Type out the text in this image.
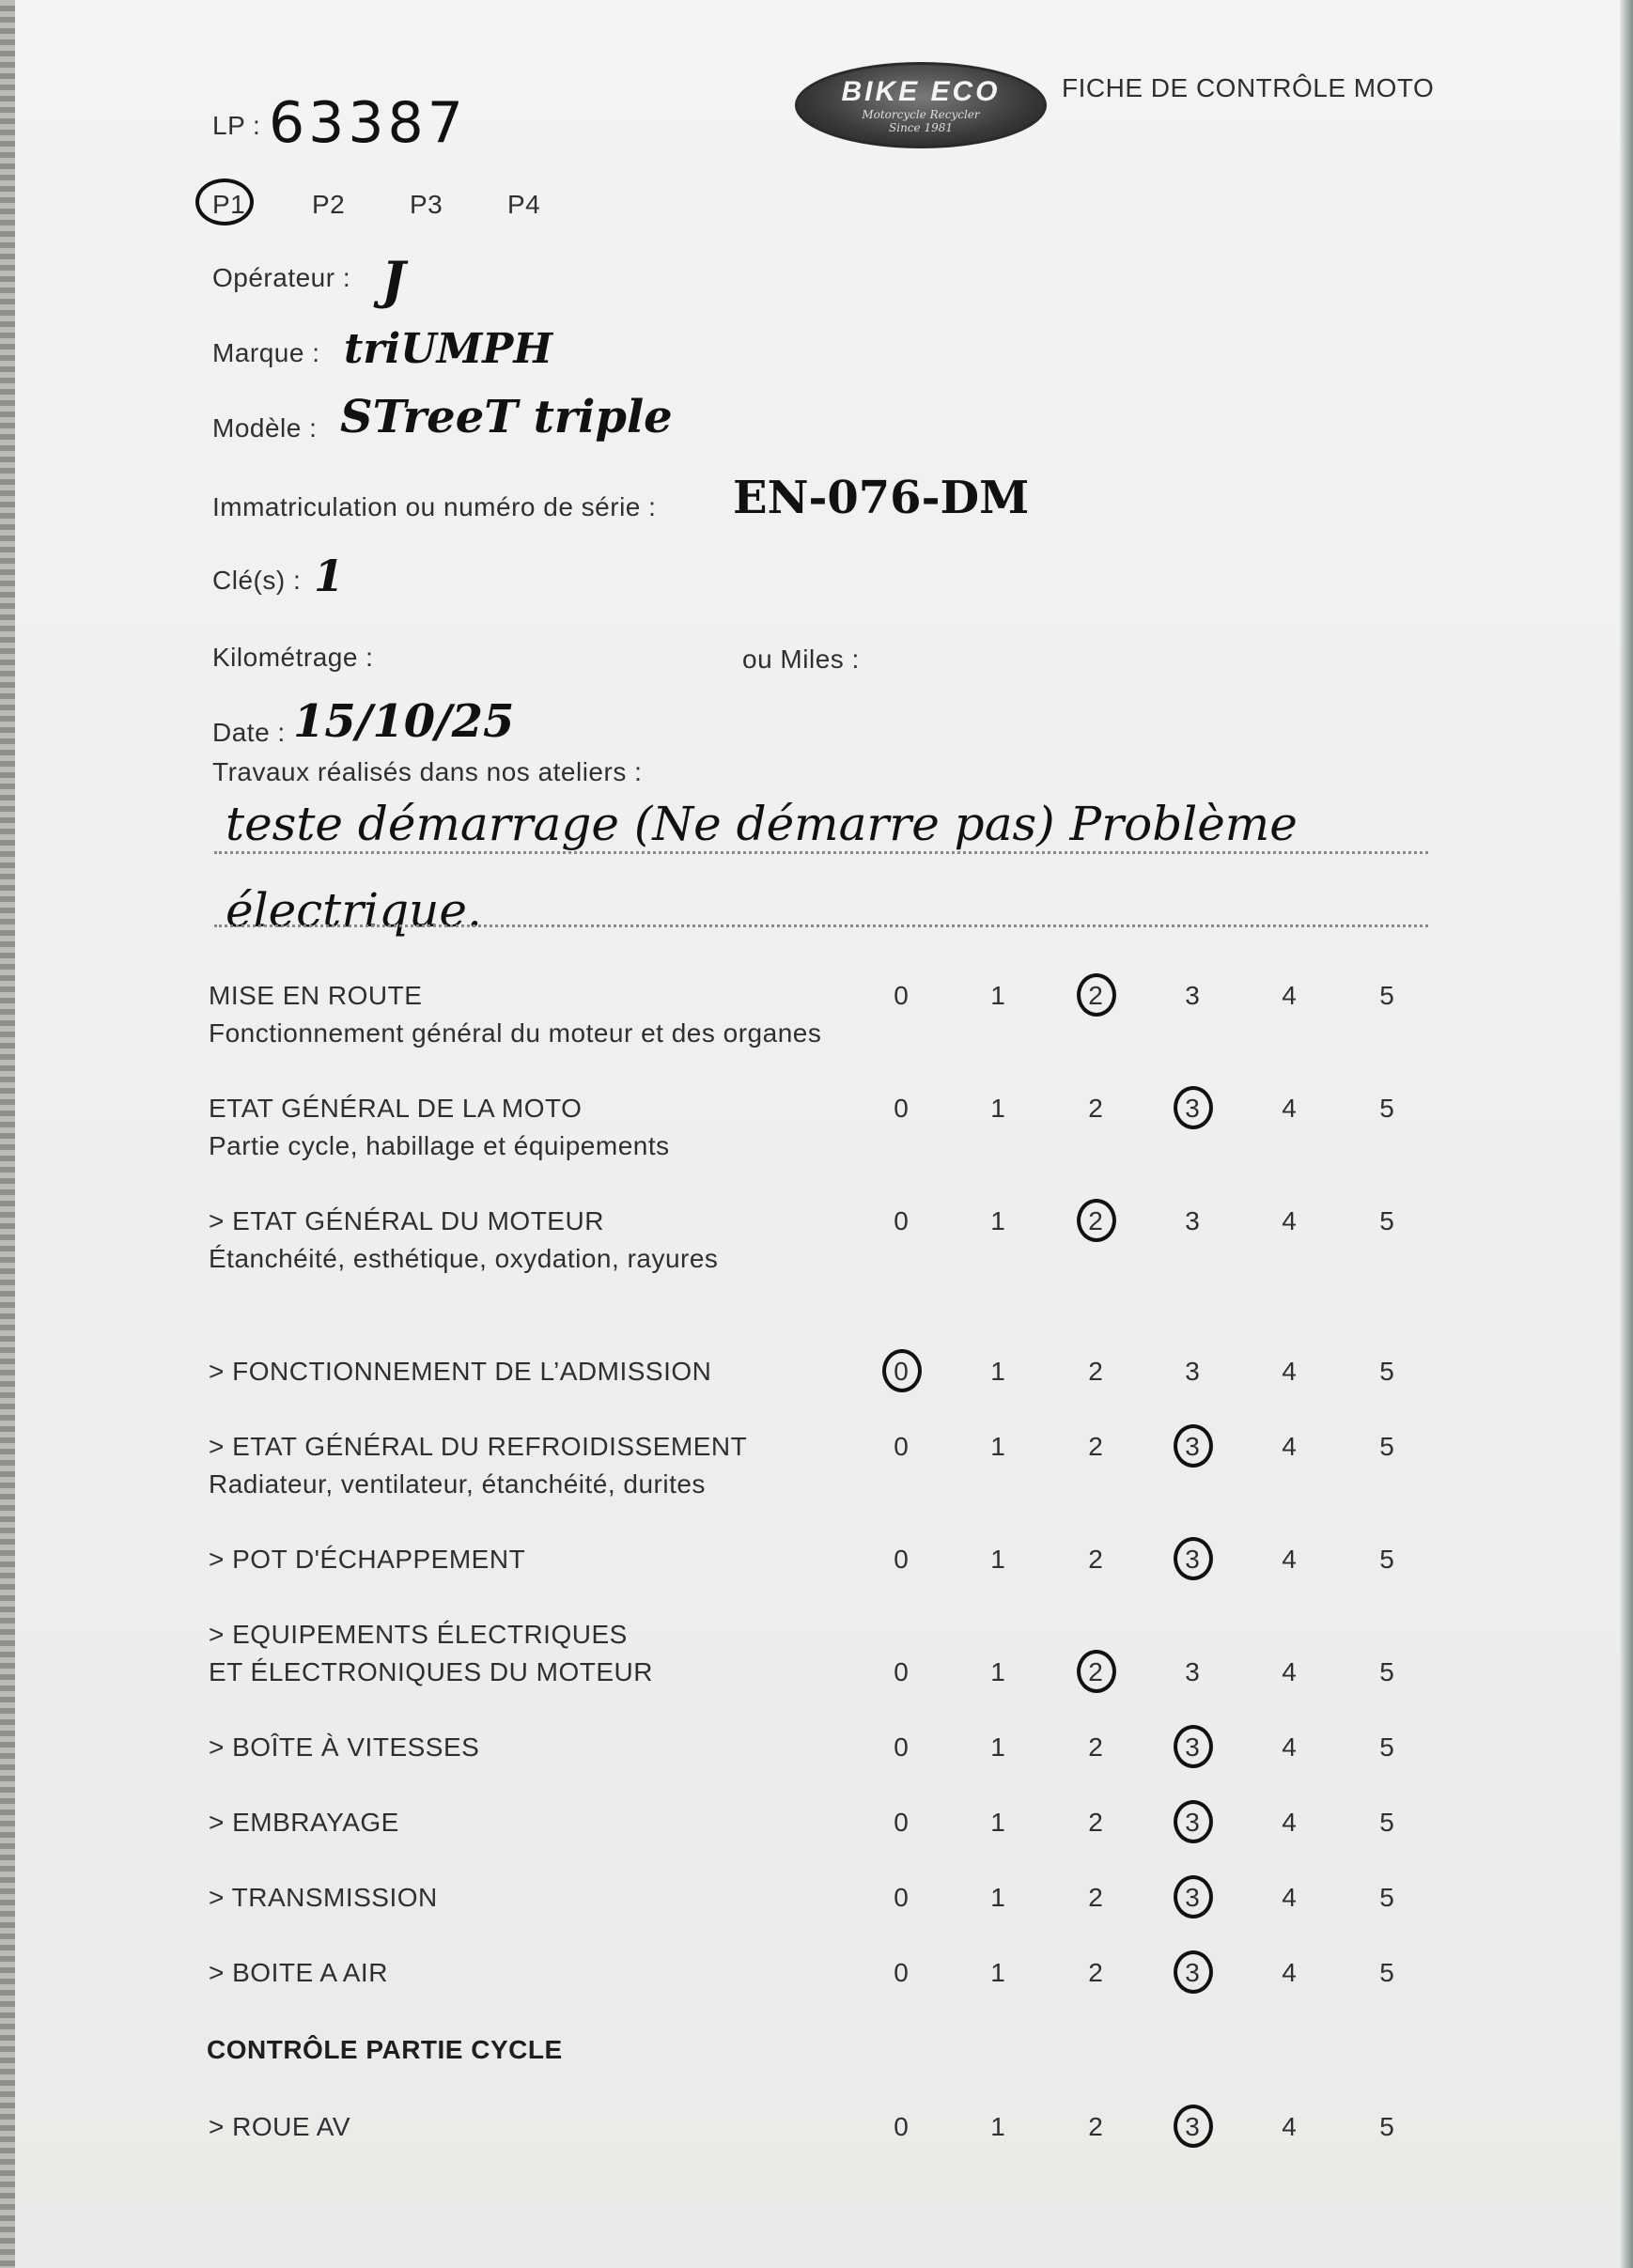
BIKE ECO
Motorcycle Recycler
Since 1981
FICHE DE CONTRÔLE MOTO
LP : 63387
P1	P2 P3 P4
Opérateur : J
Marque : triUMPH
Modèle : STreeT triple
Immatriculation ou numéro de série : EN-076-DM
Clé(s) : 1
Kilométrage :	ou Miles :
Date : 15/10/25
Travaux réalisés dans nos ateliers :
teste démarrage (Ne démarre pas) Problème
électrique.
MISE EN ROUTE
Fonctionnement général du moteur et des organes
0	1	2	3	4	5
ETAT GÉNÉRAL DE LA MOTO
Partie cycle, habillage et équipements
0	1	2	3	4	5
> ETAT GÉNÉRAL DU MOTEUR
Étanchéité, esthétique, oxydation, rayures
0	1	2	3	4	5
> FONCTIONNEMENT DE L’ADMISSION	0	1	2	3	4	5
> ETAT GÉNÉRAL DU REFROIDISSEMENT
Radiateur, ventilateur, étanchéité, durites
0	1	2	3	4	5
> POT D'ÉCHAPPEMENT	0	1	2	3	4	5
> EQUIPEMENTS ÉLECTRIQUES
ET ÉLECTRONIQUES DU MOTEUR	0	1	2	3	4	5
> BOÎTE À VITESSES	0	1	2	3	4	5
> EMBRAYAGE	0	1	2	3	4	5
> TRANSMISSION	0	1	2	3	4	5
> BOITE A AIR	0	1	2	3	4	5
CONTRÔLE PARTIE CYCLE
> ROUE AV	0	1	2	3	4	5
